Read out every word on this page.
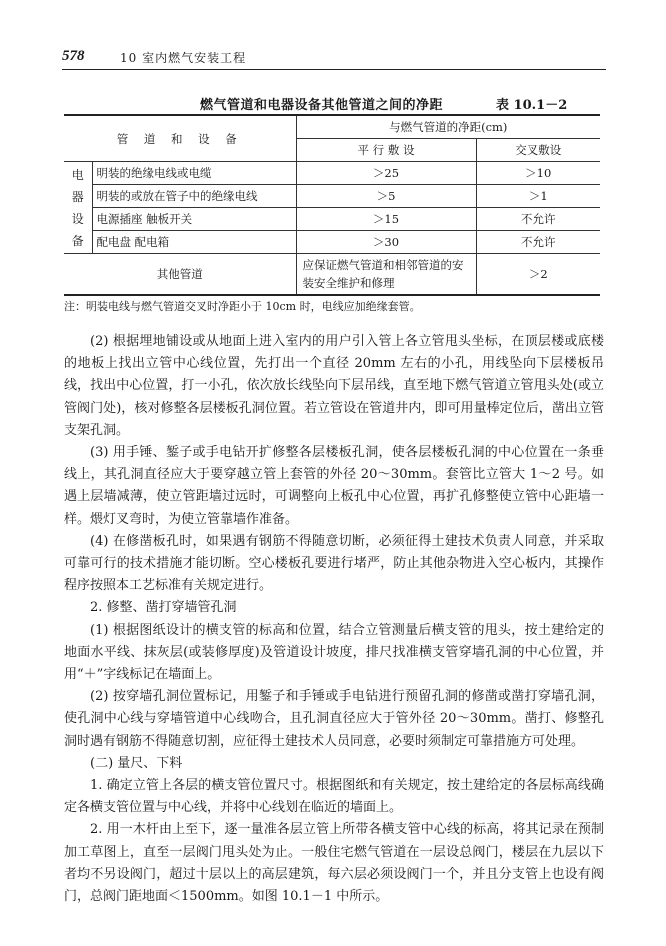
578	10 室内燃气安装工程
燃气管道和电器设备其他管道之间的净距	表 10.1－2
管 道 和 设 备		与燃气管道的净距(cm)	
		平 行 敷 设	交叉敷设
电器设备	明装的绝缘电线或电缆	＞25	＞10
	明装的或放在管子中的绝缘电线	＞5	＞1
	电源插座 触板开关	＞15	不允许
	配电盘 配电箱	＞30	不允许
其他管道		应保证燃气管道和相邻管道的安装安全维护和修理	＞2
注：明装电线与燃气管道交叉时净距小于 10cm 时，电线应加绝缘套管。

(2) 根据埋地铺设或从地面上进入室内的用户引入管上各立管甩头坐标，在顶层楼或底楼的地板上找出立管中心线位置，先打出一个直径 20mm 左右的小孔，用线坠向下层楼板吊线，找出中心位置，打一小孔，依次放长线坠向下层吊线，直至地下燃气管道立管甩头处(或立管阀门处)，核对修整各层楼板孔洞位置。若立管设在管道井内，即可用量棒定位后，凿出立管支架孔洞。

(3) 用手锤、錾子或手电钻开扩修整各层楼板孔洞，使各层楼板孔洞的中心位置在一条垂线上，其孔洞直径应大于要穿越立管上套管的外径 20～30mm。套管比立管大 1～2 号。如遇上层墙减薄，使立管距墙过远时，可调整向上板孔中心位置，再扩孔修整使立管中心距墙一样。煨灯叉弯时，为使立管靠墙作准备。

(4) 在修凿板孔时，如果遇有钢筋不得随意切断，必须征得土建技术负责人同意，并采取可靠可行的技术措施才能切断。空心楼板孔要进行堵严，防止其他杂物进入空心板内，其操作程序按照本工艺标准有关规定进行。

2. 修整、凿打穿墙管孔洞

(1) 根据图纸设计的横支管的标高和位置，结合立管测量后横支管的甩头，按土建给定的地面水平线、抹灰层(或装修厚度)及管道设计坡度，排尺找准横支管穿墙孔洞的中心位置，并用“＋”字线标记在墙面上。

(2) 按穿墙孔洞位置标记，用錾子和手锤或手电钻进行预留孔洞的修凿或凿打穿墙孔洞，使孔洞中心线与穿墙管道中心线吻合，且孔洞直径应大于管外径 20～30mm。凿打、修整孔洞时遇有钢筋不得随意切割，应征得土建技术人员同意，必要时须制定可靠措施方可处理。

(二) 量尺、下料

1. 确定立管上各层的横支管位置尺寸。根据图纸和有关规定，按土建给定的各层标高线确定各横支管位置与中心线，并将中心线划在临近的墙面上。

2. 用一木杆由上至下，逐一量准各层立管上所带各横支管中心线的标高，将其记录在预制加工草图上，直至一层阀门甩头处为止。一般住宅燃气管道在一层设总阀门，楼层在九层以下者均不另设阀门，超过十层以上的高层建筑，每六层必须设阀门一个，并且分支管上也设有阀门，总阀门距地面＜1500mm。如图 10.1－1 中所示。
